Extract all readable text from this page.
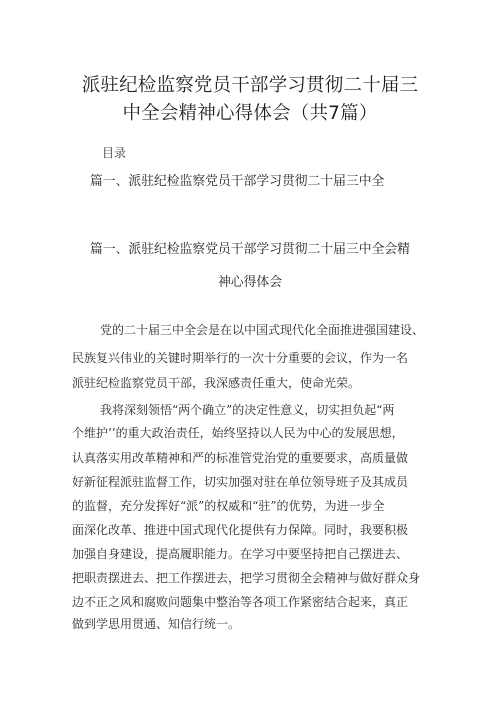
派驻纪检监察党员干部学习贯彻二十届三
中全会精神心得体会（共7篇）
目录
篇一、派驻纪检监察党员干部学习贯彻二十届三中全
篇一、派驻纪检监察党员干部学习贯彻二十届三中全会精
神心得体会
党的二十届三中全会是在以中国式现代化全面推进强国建设、
民族复兴伟业的关键时期举行的一次十分重要的会议，作为一名
派驻纪检监察党员干部，我深感责任重大，使命光荣。
我将深刻领悟“两个确立”的决定性意义，切实担负起“两
个维护’’的重大政治责任，始终坚持以人民为中心的发展思想，
认真落实用改革精神和严的标准管党治党的重要要求，高质量做
好新征程派驻监督工作，切实加强对驻在单位领导班子及其成员
的监督，充分发挥好“派”的权威和“驻”的优势，为进一步全
面深化改革、推进中国式现代化提供有力保障。同时，我要积极
加强自身建设，提高履职能力。在学习中要坚持把自己摆进去、
把职责摆进去、把工作摆进去，把学习贯彻全会精神与做好群众身
边不正之风和腐败问题集中整治等各项工作紧密结合起来，真正
做到学思用贯通、知信行统一。
